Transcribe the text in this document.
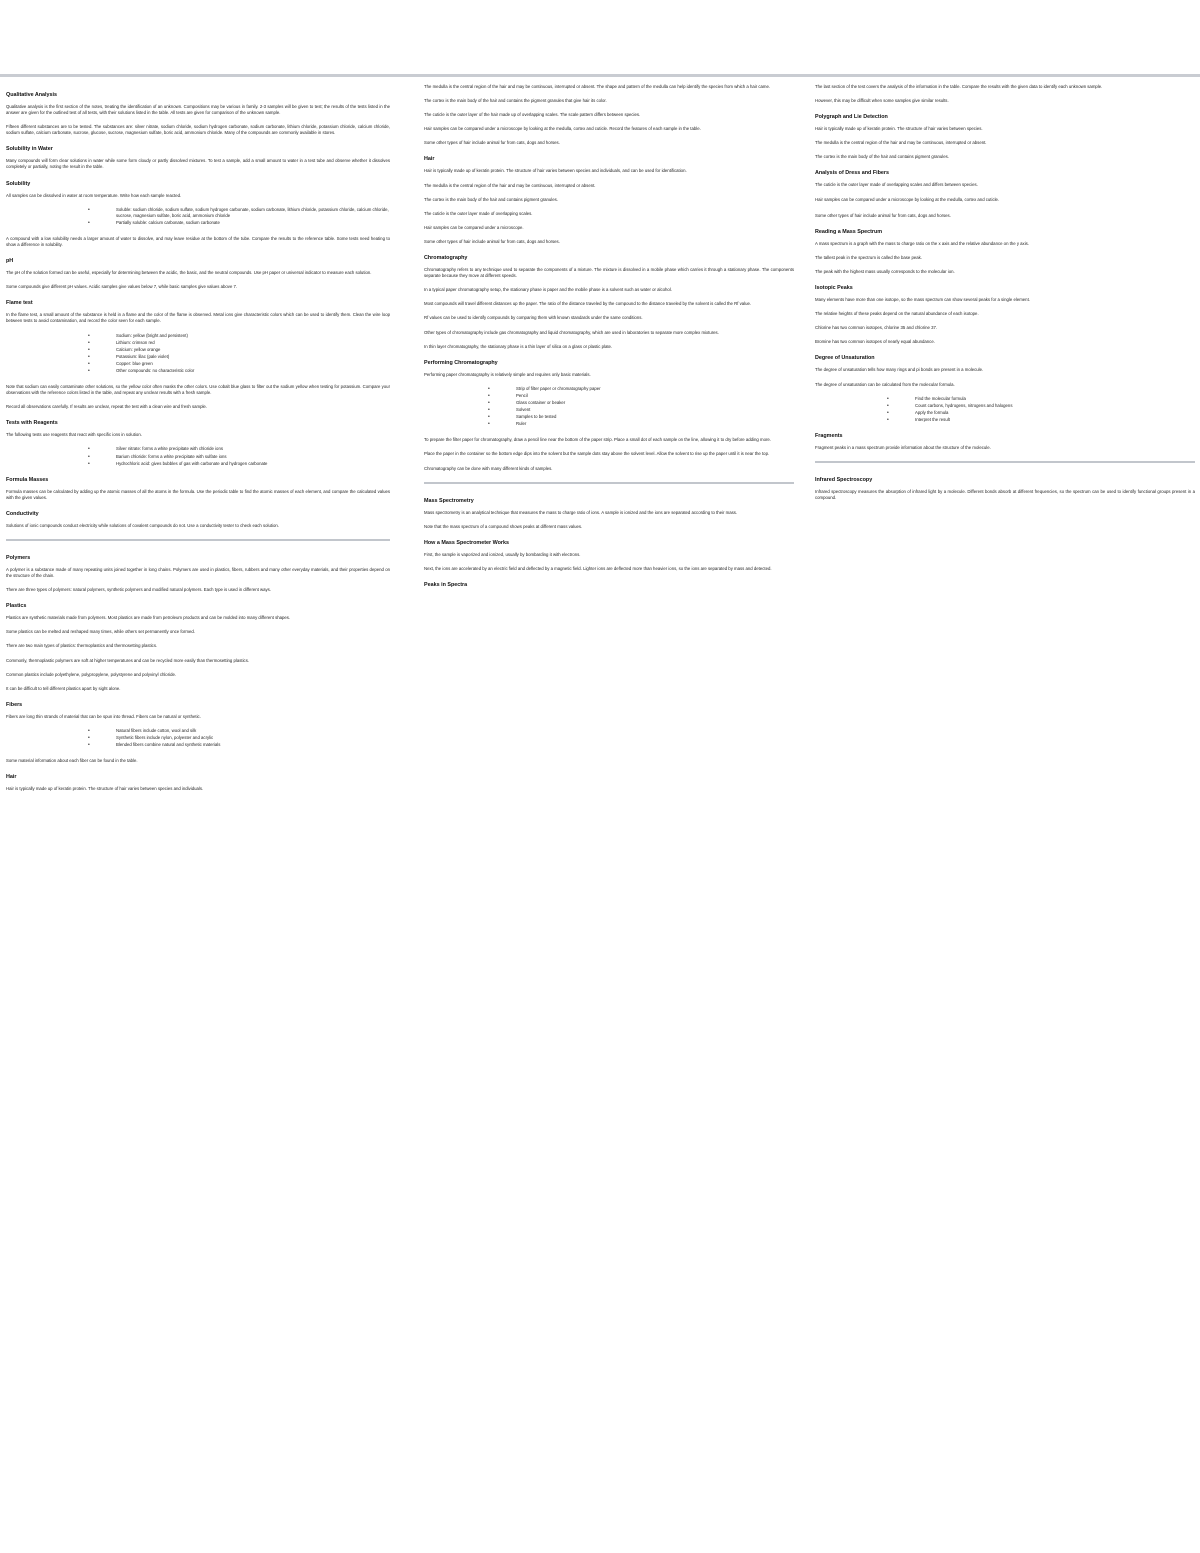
Qualitative Analysis

Qualitative analysis is the first section of the notes, treating the identification of an unknown. Compositions may be various in family. 2-3 samples will be given to test; the results of the tests listed in the answer are given for the outlined test of all tests, with their solutions listed in the table. All tests are given for comparison of the unknown sample.

Fifteen different substances are to be tested. The substances are: silver nitrate, sodium chloride, sodium hydrogen carbonate, sodium carbonate, lithium chloride, potassium chloride, calcium chloride, sodium sulfate, calcium carbonate, sucrose, glucose, sucrose, magnesium sulfate, boric acid, ammonium chloride. Many of the compounds are commonly available in stores.

Solubility in Water

Many compounds will form clear solutions in water while some form cloudy or partly dissolved mixtures. To test a sample, add a small amount to water in a test tube and observe whether it dissolves completely or partially, noting the result in the table.

Solubility

All samples can be dissolved in water at room temperature. Write how each sample reacted.

• Soluble: sodium chloride, sodium sulfate, sodium hydrogen carbonate, sodium carbonate, lithium chloride, potassium chloride, calcium chloride, sucrose, magnesium sulfate, boric acid, ammonium chloride
• Partially soluble: calcium carbonate, sodium carbonate

A compound with a low solubility needs a larger amount of water to dissolve, and may leave residue at the bottom of the tube. Compare the results to the reference table. Some tests need heating to show a difference in solubility.

pH

The pH of the solution formed can be useful, especially for determining between the acidic, the basic, and the neutral compounds. Use pH paper or universal indicator to measure each solution.

Some compounds give different pH values. Acidic samples give values below 7, while basic samples give values above 7.

Flame test

In the flame test, a small amount of the substance is held in a flame and the color of the flame is observed. Metal ions give characteristic colors which can be used to identify them. Clean the wire loop between tests to avoid contamination, and record the color seen for each sample.

• Sodium: yellow (bright and persistent)
• Lithium: crimson red
• Calcium: yellow orange
• Potassium: lilac (pale violet)
• Copper: blue green
• Other compounds: no characteristic color

Note that sodium can easily contaminate other solutions, so the yellow color often masks the other colors. Use cobalt blue glass to filter out the sodium yellow when testing for potassium. Compare your observations with the reference colors listed in the table, and repeat any unclear results with a fresh sample.

Record all observations carefully. If results are unclear, repeat the test with a clean wire and fresh sample.

Tests with Reagents

The following tests use reagents that react with specific ions in solution.

• Silver nitrate: forms a white precipitate with chloride ions
• Barium chloride: forms a white precipitate with sulfate ions
• Hydrochloric acid: gives bubbles of gas with carbonate and hydrogen carbonate
Formula Masses

Formula masses can be calculated by adding up the atomic masses of all the atoms in the formula. Use the periodic table to find the atomic masses of each element, and compare the calculated values with the given values.

Conductivity

Solutions of ionic compounds conduct electricity while solutions of covalent compounds do not. Use a conductivity tester to check each solution.

Polymers

A polymer is a substance made of many repeating units joined together in long chains. Polymers are used in plastics, fibers, rubbers and many other everyday materials, and their properties depend on the structure of the chain.

There are three types of polymers: natural polymers, synthetic polymers and modified natural polymers. Each type is used in different ways.

Plastics

Plastics are synthetic materials made from polymers. Most plastics are made from petroleum products and can be molded into many different shapes.

Some plastics can be melted and reshaped many times, while others set permanently once formed.

There are two main types of plastics: thermoplastics and thermosetting plastics.

Commonly, thermoplastic polymers are soft at higher temperatures and can be recycled more easily than thermosetting plastics.

Common plastics include polyethylene, polypropylene, polystyrene and polyvinyl chloride.

It can be difficult to tell different plastics apart by sight alone.

Fibers

Fibers are long thin strands of material that can be spun into thread. Fibers can be natural or synthetic.

• Natural fibers include cotton, wool and silk
• Synthetic fibers include nylon, polyester and acrylic
• Blended fibers combine natural and synthetic materials

Some material information about each fiber can be found in the table.

Hair

Hair is typically made up of keratin protein. The structure of hair varies between species and individuals.

The medulla is the central region of the hair and may be continuous, interrupted or absent. The shape and pattern of the medulla can help identify the species from which a hair came.

The cortex is the main body of the hair and contains the pigment granules that give hair its color.

The cuticle is the outer layer of the hair made up of overlapping scales. The scale pattern differs between species.

Hair samples can be compared under a microscope by looking at the medulla, cortex and cuticle. Record the features of each sample in the table.

Some other types of hair include animal fur from cats, dogs and horses.

Hair

Hair is typically made up of keratin protein. The structure of hair varies between species and individuals, and can be used for identification.

The medulla is the central region of the hair and may be continuous, interrupted or absent.

The cortex is the main body of the hair and contains pigment granules.

The cuticle is the outer layer made of overlapping scales.

Hair samples can be compared under a microscope.

Some other types of hair include animal fur from cats, dogs and horses.

Chromatography

Chromatography refers to any technique used to separate the components of a mixture. The mixture is dissolved in a mobile phase which carries it through a stationary phase. The components separate because they move at different speeds.

In a typical paper chromatography setup, the stationary phase is paper and the mobile phase is a solvent such as water or alcohol.

Most compounds will travel different distances up the paper. The ratio of the distance traveled by the compound to the distance traveled by the solvent is called the Rf value.

Rf values can be used to identify compounds by comparing them with known standards under the same conditions.

Other types of chromatography include gas chromatography and liquid chromatography, which are used in laboratories to separate more complex mixtures.

In thin layer chromatography, the stationary phase is a thin layer of silica on a glass or plastic plate.

Performing Chromatography

Performing paper chromatography is relatively simple and requires only basic materials.

• Strip of filter paper or chromatography paper
• Pencil
• Glass container or beaker
• Solvent
• Samples to be tested
• Ruler

To prepare the filter paper for chromatography, draw a pencil line near the bottom of the paper strip. Place a small dot of each sample on the line, allowing it to dry before adding more.

Place the paper in the container so the bottom edge dips into the solvent but the sample dots stay above the solvent level. Allow the solvent to rise up the paper until it is near the top.

Chromatography can be done with many different kinds of samples.

Mass Spectrometry

Mass spectrometry is an analytical technique that measures the mass to charge ratio of ions. A sample is ionized and the ions are separated according to their mass.

Note that the mass spectrum of a compound shows peaks at different mass values.

How a Mass Spectrometer Works

First, the sample is vaporized and ionized, usually by bombarding it with electrons.

Next, the ions are accelerated by an electric field and deflected by a magnetic field. Lighter ions are deflected more than heavier ions, so the ions are separated by mass and detected.

Peaks in Spectra

The last section of the test covers the analysis of the information in the table. Compare the results with the given data to identify each unknown sample.

However, this may be difficult when some samples give similar results.

Polygraph and Lie Detection

Hair is typically made up of keratin protein. The structure of hair varies between species.

The medulla is the central region of the hair and may be continuous, interrupted or absent.

The cortex is the main body of the hair and contains pigment granules.

Analysis of Dress and Fibers

The cuticle is the outer layer made of overlapping scales and differs between species.

Hair samples can be compared under a microscope by looking at the medulla, cortex and cuticle.

Some other types of hair include animal fur from cats, dogs and horses.

Reading a Mass Spectrum

A mass spectrum is a graph with the mass to charge ratio on the x axis and the relative abundance on the y axis.

The tallest peak in the spectrum is called the base peak.

The peak with the highest mass usually corresponds to the molecular ion.

Isotopic Peaks

Many elements have more than one isotope, so the mass spectrum can show several peaks for a single element.

The relative heights of these peaks depend on the natural abundance of each isotope.

Chlorine has two common isotopes, chlorine 35 and chlorine 37.

Bromine has two common isotopes of nearly equal abundance.

Degree of Unsaturation

The degree of unsaturation tells how many rings and pi bonds are present in a molecule.

The degree of unsaturation can be calculated from the molecular formula.

• Find the molecular formula
• Count carbons, hydrogens, nitrogens and halogens
• Apply the formula
• Interpret the result
Fragments

Fragment peaks in a mass spectrum provide information about the structure of the molecule.

Infrared Spectroscopy

Infrared spectroscopy measures the absorption of infrared light by a molecule. Different bonds absorb at different frequencies, so the spectrum can be used to identify functional groups present in a compound.
